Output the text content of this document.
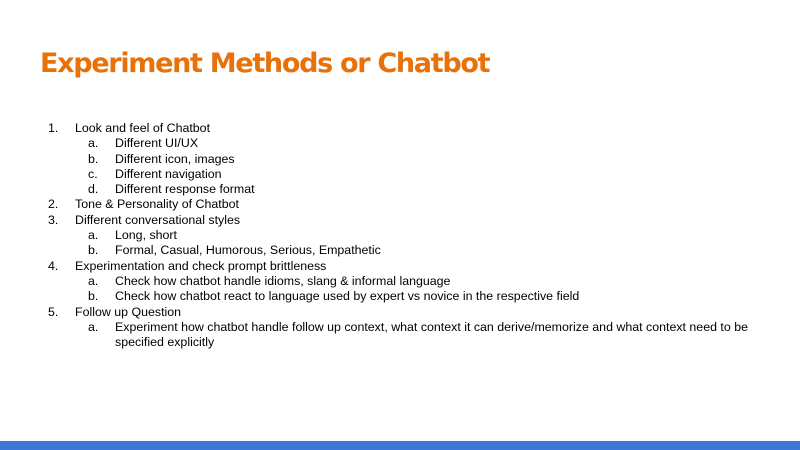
Experiment Methods or Chatbot
1. Look and feel of Chatbot
a. Different UI/UX
b. Different icon, images
c. Different navigation
d. Different response format
2. Tone & Personality of Chatbot
3. Different conversational styles
a. Long, short
b. Formal, Casual, Humorous, Serious, Empathetic
4. Experimentation and check prompt brittleness
a. Check how chatbot handle idioms, slang & informal language
b. Check how chatbot react to language used by expert vs novice in the respective field
5. Follow up Question
a. Experiment how chatbot handle follow up context, what context it can derive/memorize and what context need to be specified explicitly
